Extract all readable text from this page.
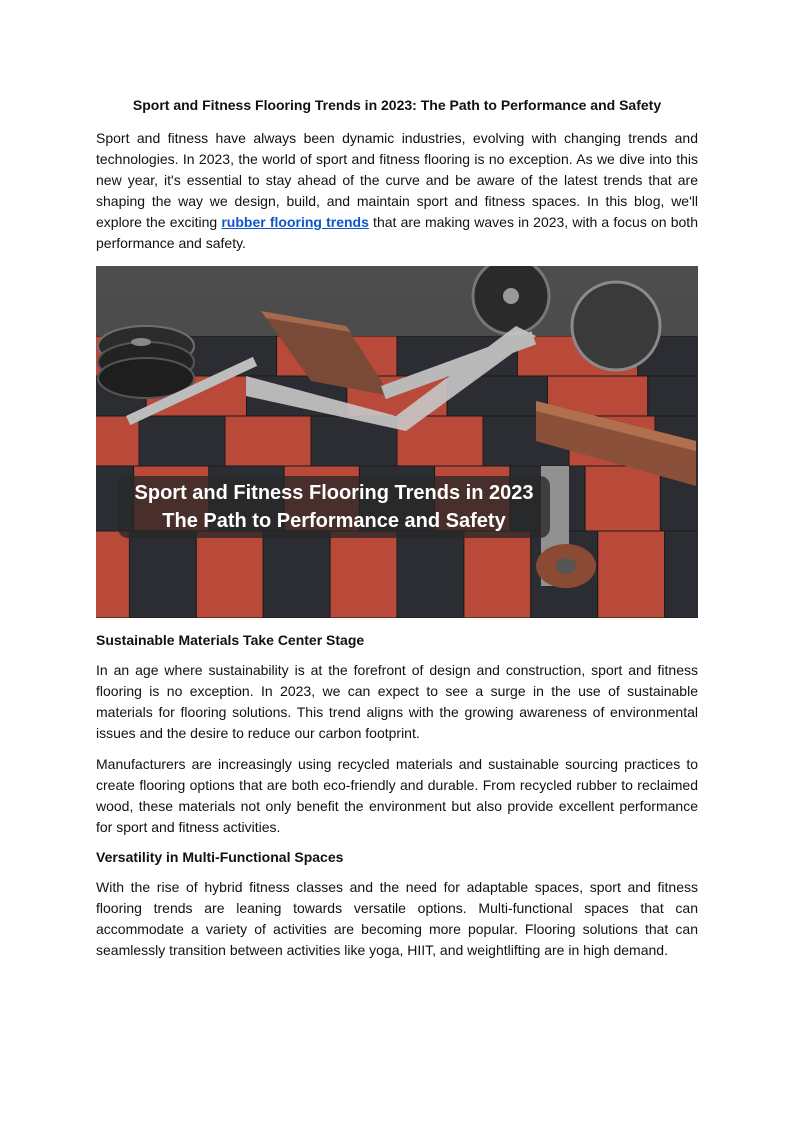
Sport and Fitness Flooring Trends in 2023: The Path to Performance and Safety

Sport and fitness have always been dynamic industries, evolving with changing trends and technologies. In 2023, the world of sport and fitness flooring is no exception. As we dive into this new year, it's essential to stay ahead of the curve and be aware of the latest trends that are shaping the way we design, build, and maintain sport and fitness spaces. In this blog, we'll explore the exciting rubber flooring trends that are making waves in 2023, with a focus on both performance and safety.

Sport and Fitness Flooring Trends in 2023
The Path to Performance and Safety
Sustainable Materials Take Center Stage

In an age where sustainability is at the forefront of design and construction, sport and fitness flooring is no exception. In 2023, we can expect to see a surge in the use of sustainable materials for flooring solutions. This trend aligns with the growing awareness of environmental issues and the desire to reduce our carbon footprint.

Manufacturers are increasingly using recycled materials and sustainable sourcing practices to create flooring options that are both eco-friendly and durable. From recycled rubber to reclaimed wood, these materials not only benefit the environment but also provide excellent performance for sport and fitness activities.

Versatility in Multi-Functional Spaces

With the rise of hybrid fitness classes and the need for adaptable spaces, sport and fitness flooring trends are leaning towards versatile options. Multi-functional spaces that can accommodate a variety of activities are becoming more popular. Flooring solutions that can seamlessly transition between activities like yoga, HIIT, and weightlifting are in high demand.
